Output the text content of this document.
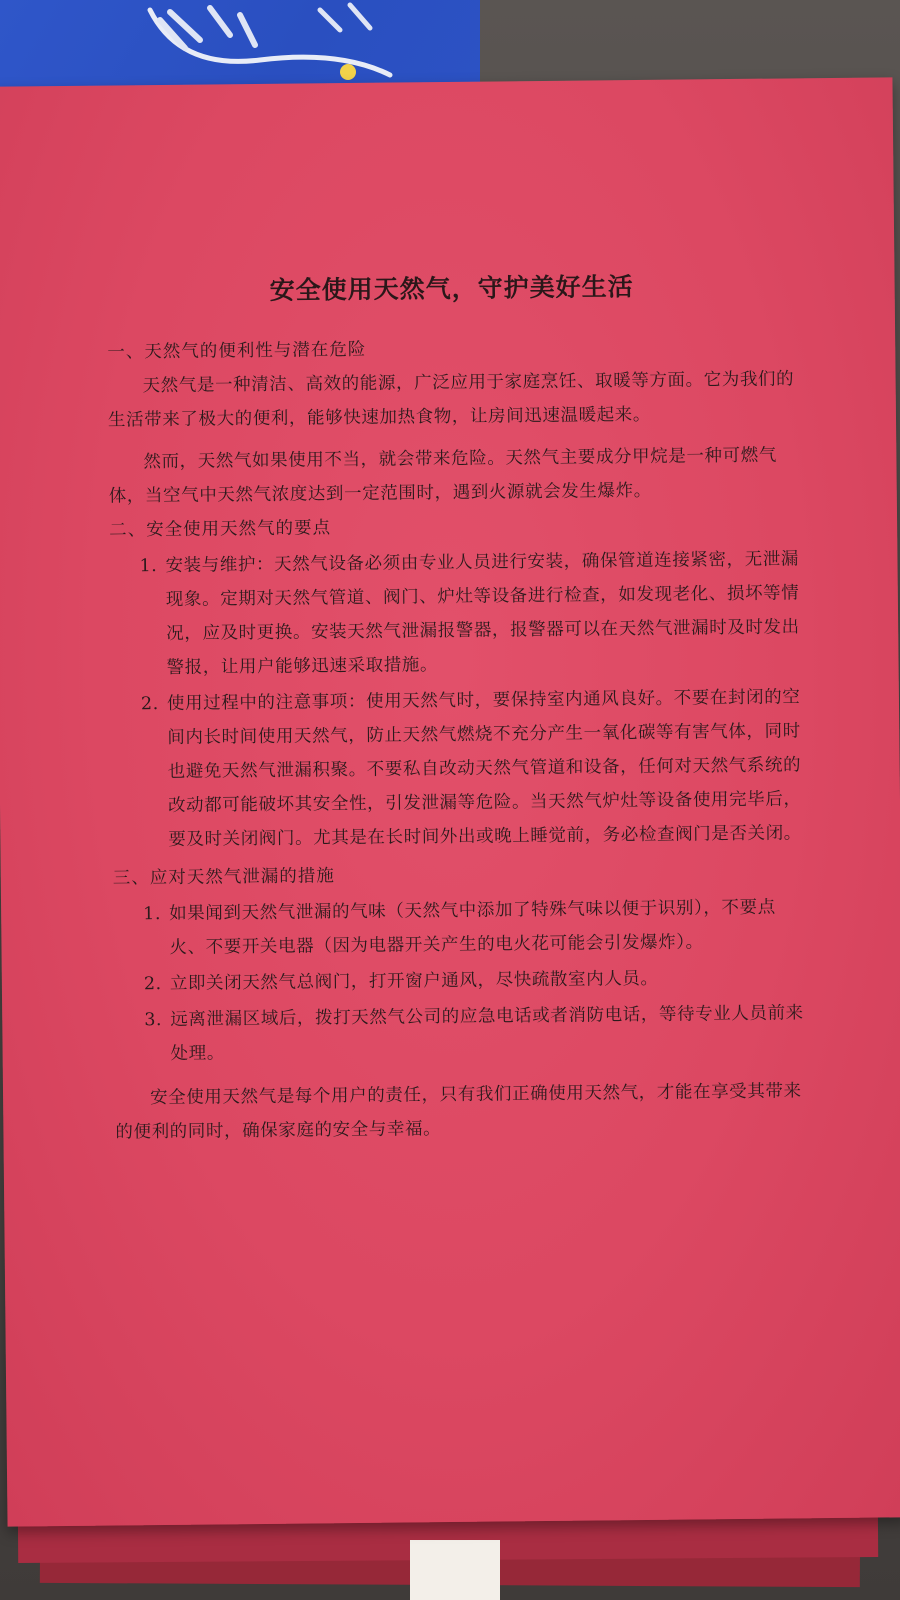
安全使用天然气，守护美好生活

一、天然气的便利性与潜在危险

天然气是一种清洁、高效的能源，广泛应用于家庭烹饪、取暖等方面。它为我们的生活带来了极大的便利，能够快速加热食物，让房间迅速温暖起来。

然而，天然气如果使用不当，就会带来危险。天然气主要成分甲烷是一种可燃气体，当空气中天然气浓度达到一定范围时，遇到火源就会发生爆炸。

二、安全使用天然气的要点

1. 安装与维护：天然气设备必须由专业人员进行安装，确保管道连接紧密，无泄漏现象。定期对天然气管道、阀门、炉灶等设备进行检查，如发现老化、损坏等情况，应及时更换。安装天然气泄漏报警器，报警器可以在天然气泄漏时及时发出警报，让用户能够迅速采取措施。
2. 使用过程中的注意事项：使用天然气时，要保持室内通风良好。不要在封闭的空间内长时间使用天然气，防止天然气燃烧不充分产生一氧化碳等有害气体，同时也避免天然气泄漏积聚。不要私自改动天然气管道和设备，任何对天然气系统的改动都可能破坏其安全性，引发泄漏等危险。当天然气炉灶等设备使用完毕后，要及时关闭阀门。尤其是在长时间外出或晚上睡觉前，务必检查阀门是否关闭。

三、应对天然气泄漏的措施

1. 如果闻到天然气泄漏的气味（天然气中添加了特殊气味以便于识别），不要点火、不要开关电器（因为电器开关产生的电火花可能会引发爆炸）。
2. 立即关闭天然气总阀门，打开窗户通风，尽快疏散室内人员。
3. 远离泄漏区域后，拨打天然气公司的应急电话或者消防电话，等待专业人员前来处理。

安全使用天然气是每个用户的责任，只有我们正确使用天然气，才能在享受其带来的便利的同时，确保家庭的安全与幸福。
